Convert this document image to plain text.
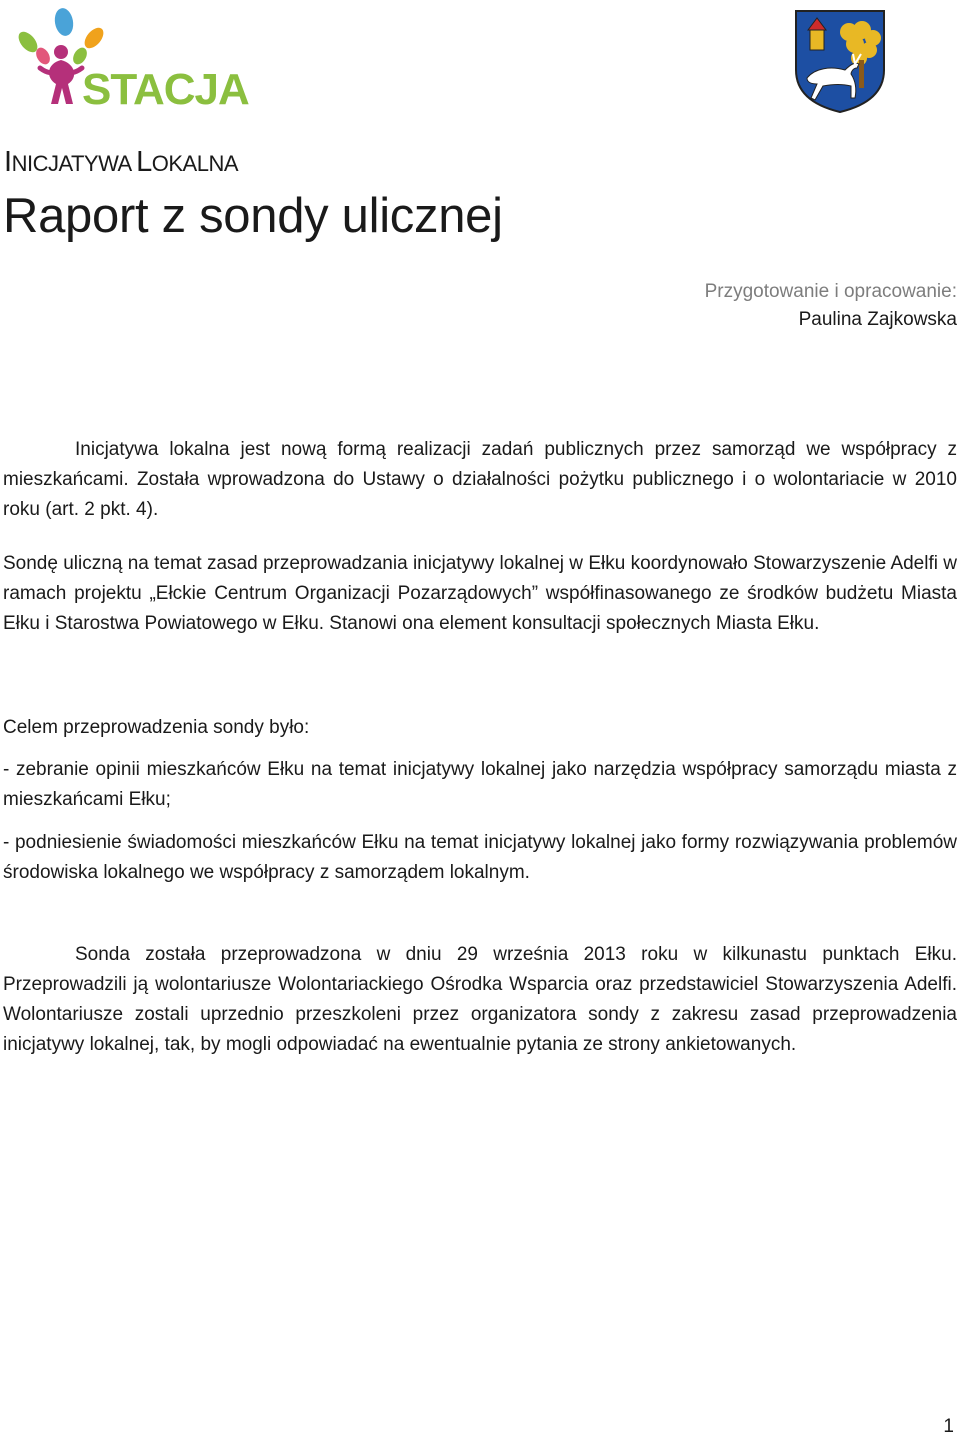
STACJA
INICJATYWA LOKALNA
Raport z sondy ulicznej
Przygotowanie i opracowanie:
Paulina Zajkowska
Inicjatywa lokalna jest nową formą realizacji zadań publicznych przez samorząd we współpracy z mieszkańcami. Została wprowadzona do Ustawy o działalności pożytku publicznego i o wolontariacie w 2010 roku (art. 2 pkt. 4).
Sondę uliczną na temat zasad przeprowadzania inicjatywy lokalnej w Ełku koordynowało Stowarzyszenie Adelfi w ramach projektu „Ełckie Centrum Organizacji Pozarządowych” współfinasowanego ze środków budżetu Miasta Ełku i Starostwa Powiatowego w Ełku. Stanowi ona element konsultacji społecznych Miasta Ełku.
Celem przeprowadzenia sondy było:
- zebranie opinii mieszkańców Ełku na temat inicjatywy lokalnej jako narzędzia współpracy samorządu miasta z mieszkańcami Ełku;
- podniesienie świadomości mieszkańców Ełku na temat inicjatywy lokalnej jako formy rozwiązywania problemów środowiska lokalnego we współpracy z samorządem lokalnym.
Sonda została przeprowadzona w dniu 29 września 2013 roku w kilkunastu punktach Ełku. Przeprowadzili ją wolontariusze Wolontariackiego Ośrodka Wsparcia oraz przedstawiciel Stowarzyszenia Adelfi. Wolontariusze zostali uprzednio przeszkoleni przez organizatora sondy z zakresu zasad przeprowadzenia inicjatywy lokalnej, tak, by mogli odpowiadać na ewentualnie pytania ze strony ankietowanych.
1
